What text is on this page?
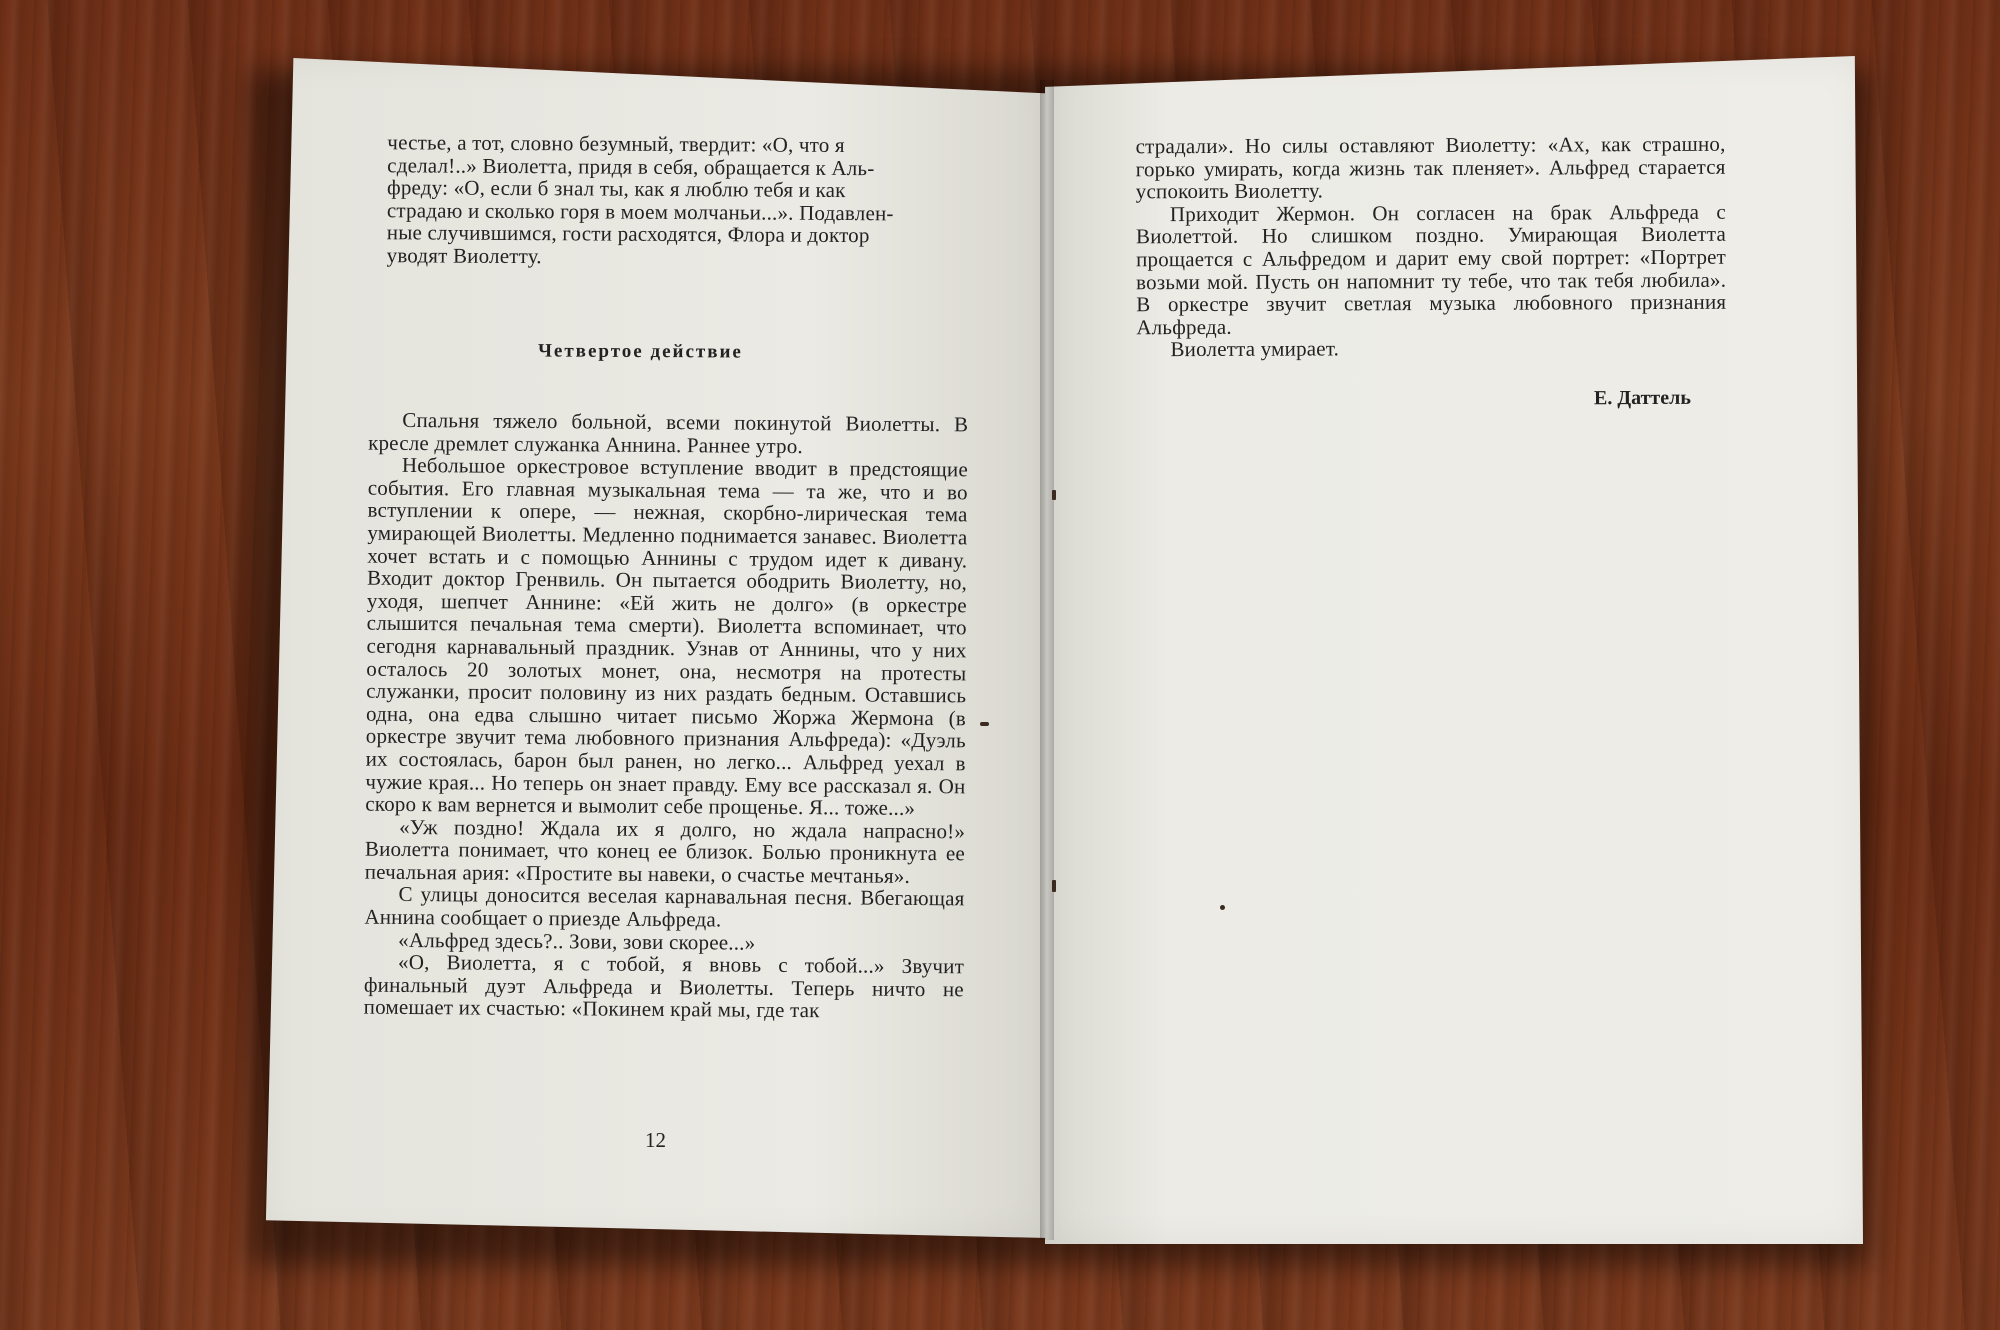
честье, а тот, словно безумный, твердит: «О, что я

сделал!..» Виолетта, придя в себя, обращается к Аль-

фреду: «О, если б знал ты, как я люблю тебя и как

страдаю и сколько горя в моем молчаньи...». Подавлен-

ные случившимся, гости расходятся, Флора и доктор

уводят Виолетту.

Четвертое действие

Спальня тяжело больной, всеми покинутой Виолетты. В кресле дремлет служанка Аннина. Раннее утро.

Небольшое оркестровое вступление вводит в предстоящие события. Его главная музыкальная тема — та же, что и во вступлении к опере, — нежная, скорбно-лирическая тема умирающей Виолетты. Медленно поднимается занавес. Виолетта хочет встать и с помощью Аннины с трудом идет к дивану. Входит доктор Гренвиль. Он пытается ободрить Виолетту, но, уходя, шепчет Аннине: «Ей жить не долго» (в оркестре слышится печальная тема смерти). Виолетта вспоминает, что сегодня карнавальный праздник. Узнав от Аннины, что у них осталось 20 золотых монет, она, несмотря на протесты служанки, просит половину из них раздать бедным. Оставшись одна, она едва слышно читает письмо Жоржа Жермона (в оркестре звучит тема любовного признания Альфреда): «Дуэль их состоялась, барон был ранен, но легко... Альфред уехал в чужие края... Но теперь он знает правду. Ему все рассказал я. Он скоро к вам вернется и вымолит себе прощенье. Я... тоже...»

«Уж поздно! Ждала их я долго, но ждала напрасно!» Виолетта понимает, что конец ее близок. Болью проникнута ее печальная ария: «Простите вы навеки, о счастье мечтанья».

С улицы доносится веселая карнавальная песня. Вбегающая Аннина сообщает о приезде Альфреда.

«Альфред здесь?.. Зови, зови скорее...»

«О, Виолетта, я с тобой, я вновь с тобой...» Звучит финальный дуэт Альфреда и Виолетты. Теперь ничто не помешает их счастью: «Покинем край мы, где так

12

страдали». Но силы оставляют Виолетту: «Ах, как страшно, горько умирать, когда жизнь так пленяет». Альфред старается успокоить Виолетту.

Приходит Жермон. Он согласен на брак Альфреда с Виолеттой. Но слишком поздно. Умирающая Виолетта прощается с Альфредом и дарит ему свой портрет: «Портрет возьми мой. Пусть он напомнит ту тебе, что так тебя любила». В оркестре звучит светлая музыка любовного признания Альфреда.

Виолетта умирает.

Е. Даттель
